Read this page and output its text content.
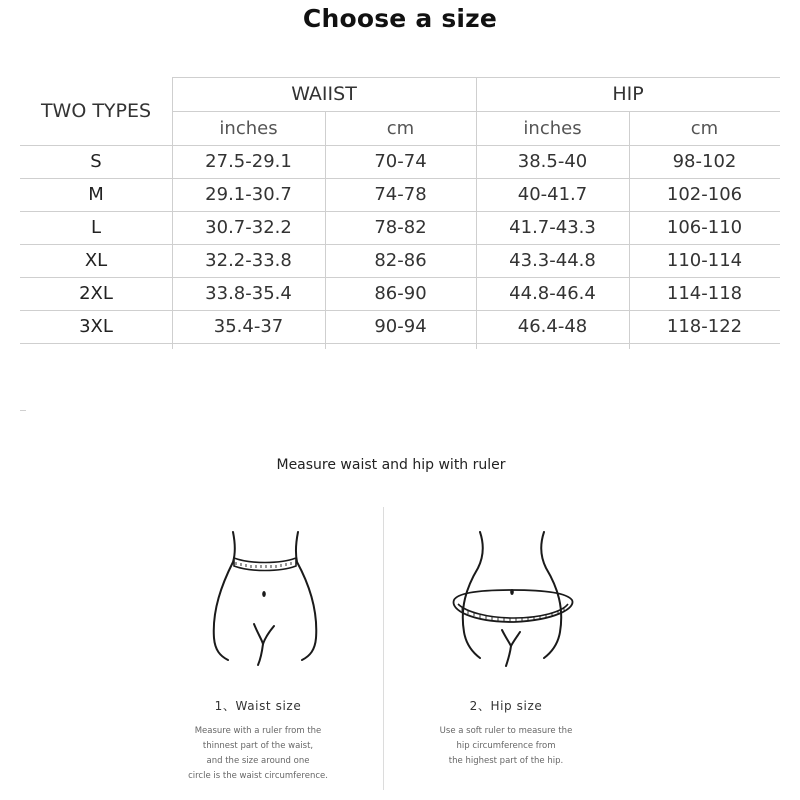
Choose a size
TWO TYPES
WAIIST	HIP
inches	cm	inches	cm
S	27.5-29.1	70-74	38.5-40	98-102
M	29.1-30.7	74-78	40-41.7	102-106
L	30.7-32.2	78-82	41.7-43.3	106-110
XL	32.2-33.8	82-86	43.3-44.8	110-114
2XL	33.8-35.4	86-90	44.8-46.4	114-118
3XL	35.4-37	90-94	46.4-48	118-122
Measure waist and hip with ruler
1、Waist size
Measure with a ruler from the
thinnest part of the waist,
and the size around one
circle is the waist circumference.
2、Hip size
Use a soft ruler to measure the
hip circumference from
the highest part of the hip.
